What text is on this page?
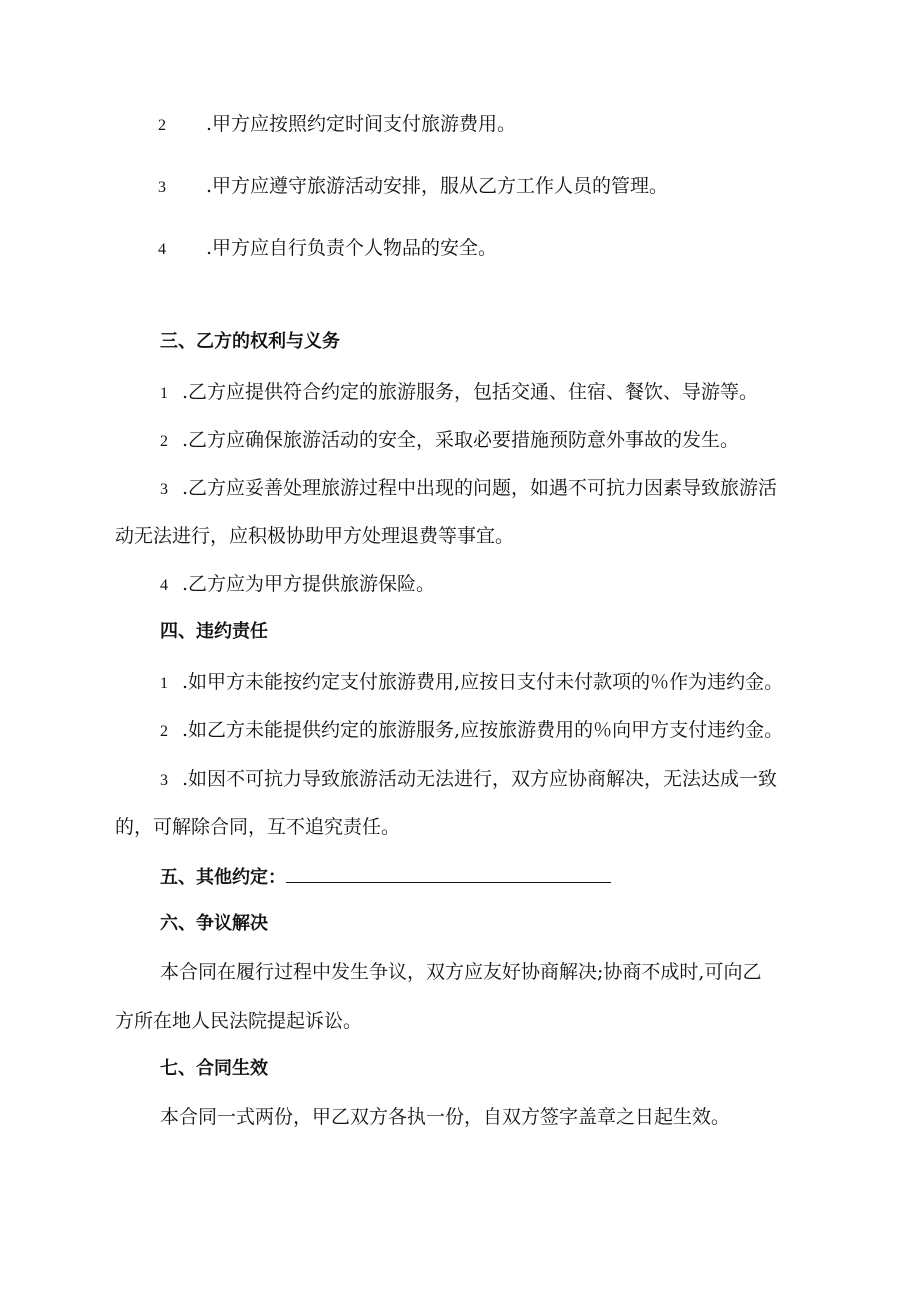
2 .甲方应按照约定时间支付旅游费用。
3 .甲方应遵守旅游活动安排，服从乙方工作人员的管理。
4 .甲方应自行负责个人物品的安全。
三、乙方的权利与义务
1 .乙方应提供符合约定的旅游服务，包括交通、住宿、餐饮、导游等。
2 .乙方应确保旅游活动的安全，采取必要措施预防意外事故的发生。
3 .乙方应妥善处理旅游过程中出现的问题，如遇不可抗力因素导致旅游活
动无法进行，应积极协助甲方处理退费等事宜。
4 .乙方应为甲方提供旅游保险。
四、违约责任
1 .如甲方未能按约定支付旅游费用,应按日支付未付款项的％作为违约金。
2 .如乙方未能提供约定的旅游服务,应按旅游费用的％向甲方支付违约金。
3 .如因不可抗力导致旅游活动无法进行，双方应协商解决，无法达成一致
的，可解除合同，互不追究责任。
五、其他约定：
六、争议解决
本合同在履行过程中发生争议，双方应友好协商解决;协商不成时,可向乙
方所在地人民法院提起诉讼。
七、合同生效
本合同一式两份，甲乙双方各执一份，自双方签字盖章之日起生效。
